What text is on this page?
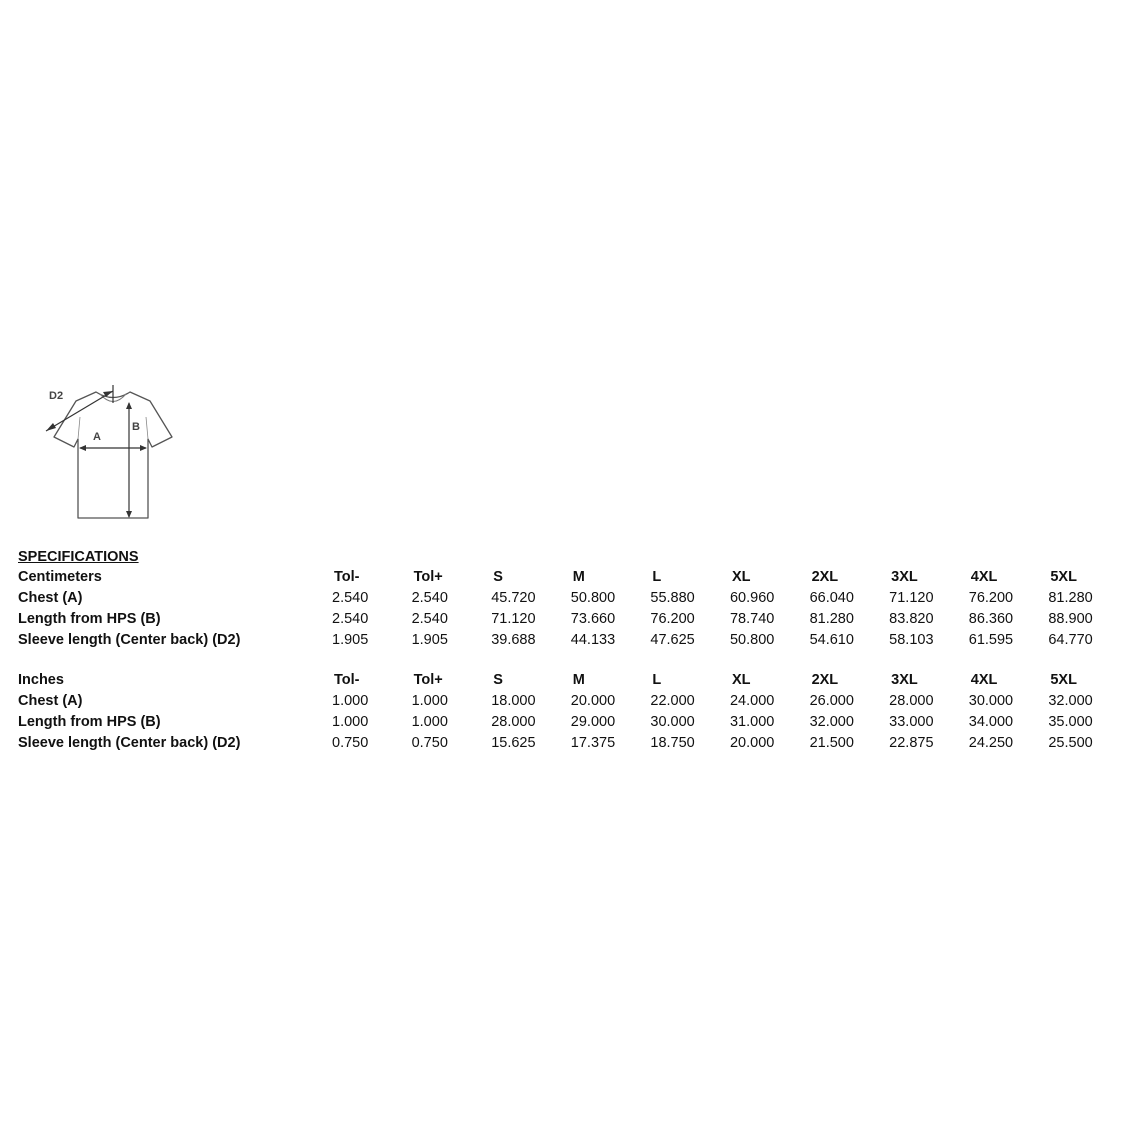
D2
A
B
SPECIFICATIONS
Centimeters	Tol-	Tol+	S	M	L	XL	2XL	3XL	4XL	5XL
Chest (A)	2.540	2.540	45.720	50.800	55.880	60.960	66.040	71.120	76.200	81.280
Length from HPS (B)	2.540	2.540	71.120	73.660	76.200	78.740	81.280	83.820	86.360	88.900
Sleeve length (Center back) (D2)	1.905	1.905	39.688	44.133	47.625	50.800	54.610	58.103	61.595	64.770

Inches	Tol-	Tol+	S	M	L	XL	2XL	3XL	4XL	5XL
Chest (A)	1.000	1.000	18.000	20.000	22.000	24.000	26.000	28.000	30.000	32.000
Length from HPS (B)	1.000	1.000	28.000	29.000	30.000	31.000	32.000	33.000	34.000	35.000
Sleeve length (Center back) (D2)	0.750	0.750	15.625	17.375	18.750	20.000	21.500	22.875	24.250	25.500
